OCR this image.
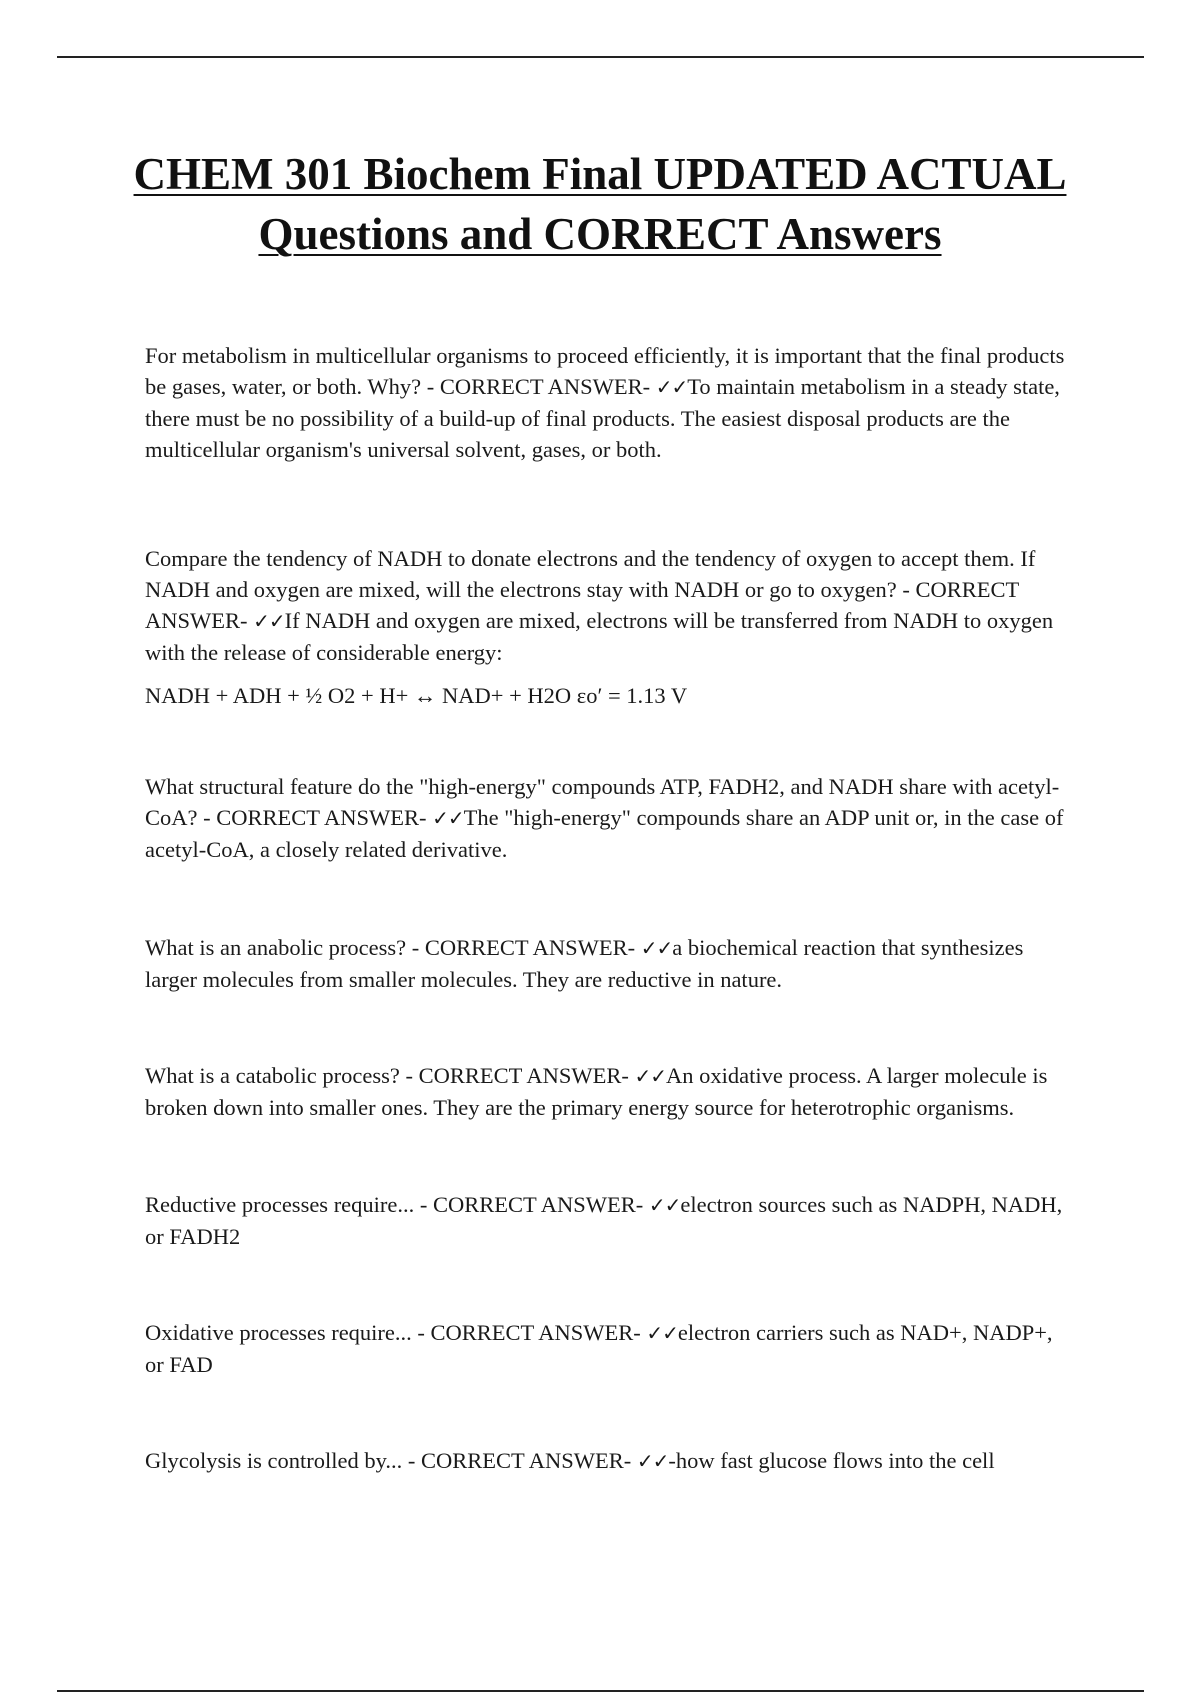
CHEM 301 Biochem Final UPDATED ACTUAL Questions and CORRECT Answers

For metabolism in multicellular organisms to proceed efficiently, it is important that the final products be gases, water, or both. Why? - CORRECT ANSWER- ✓✓To maintain metabolism in a steady state, there must be no possibility of a build-up of final products. The easiest disposal products are the multicellular organism's universal solvent, gases, or both.

Compare the tendency of NADH to donate electrons and the tendency of oxygen to accept them. If NADH and oxygen are mixed, will the electrons stay with NADH or go to oxygen? - CORRECT ANSWER- ✓✓If NADH and oxygen are mixed, electrons will be transferred from NADH to oxygen with the release of considerable energy:

NADH + ADH + ½ O2 + H+ ↔ NAD+ + H2O εo′ = 1.13 V

What structural feature do the "high-energy" compounds ATP, FADH2, and NADH share with acetyl-CoA? - CORRECT ANSWER- ✓✓The "high-energy" compounds share an ADP unit or, in the case of acetyl-CoA, a closely related derivative.

What is an anabolic process? - CORRECT ANSWER- ✓✓a biochemical reaction that synthesizes larger molecules from smaller molecules. They are reductive in nature.

What is a catabolic process? - CORRECT ANSWER- ✓✓An oxidative process. A larger molecule is broken down into smaller ones. They are the primary energy source for heterotrophic organisms.

Reductive processes require... - CORRECT ANSWER- ✓✓electron sources such as NADPH, NADH, or FADH2

Oxidative processes require... - CORRECT ANSWER- ✓✓electron carriers such as NAD+, NADP+, or FAD

Glycolysis is controlled by... - CORRECT ANSWER- ✓✓-how fast glucose flows into the cell
